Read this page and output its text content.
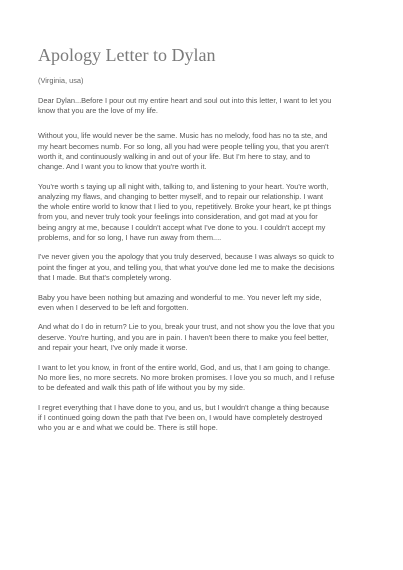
Apology Letter to Dylan
(Virginia, usa)

Dear Dylan...Before I pour out my entire heart and soul out into this letter, I want to let you
know that you are the love of my life.

Without you, life would never be the same. Music has no melody, food has no ta ste, and
my heart becomes numb. For so long, all you had were people telling you, that you aren't
worth it, and continuously walking in and out of your life. But I'm here to stay, and to
change. And I want you to know that you're worth it.

You're worth s taying up all night with, talking to, and listening to your heart. You're worth,
analyzing my flaws, and changing to better myself, and to repair our relationship. I want
the whole entire world to know that I lied to you, repetitively. Broke your heart, ke pt things
from you, and never truly took your feelings into consideration, and got mad at you for
being angry at me, because I couldn't accept what I've done to you. I couldn't accept my
problems, and for so long, I have run away from them....

I've never given you the apology that you truly deserved, because I was always so quick to
point the finger at you, and telling you, that what you've done led me to make the decisions
that I made. But that's completely wrong.

Baby you have been nothing but amazing and wonderful to me. You never left my side,
even when I deserved to be left and forgotten.

And what do I do in return? Lie to you, break your trust, and not show you the love that you
deserve. You're hurting, and you are in pain. I haven't been there to make you feel better,
and repair your heart, I've only made it worse.

I want to let you know, in front of the entire world, God, and us, that I am going to change.
No more lies, no more secrets. No more broken promises. I love you so much, and I refuse
to be defeated and walk this path of life without you by my side.

I regret everything that I have done to you, and us, but I wouldn't change a thing because
if I continued going down the path that I've been on, I would have completely destroyed
who you ar e and what we could be. There is still hope.
